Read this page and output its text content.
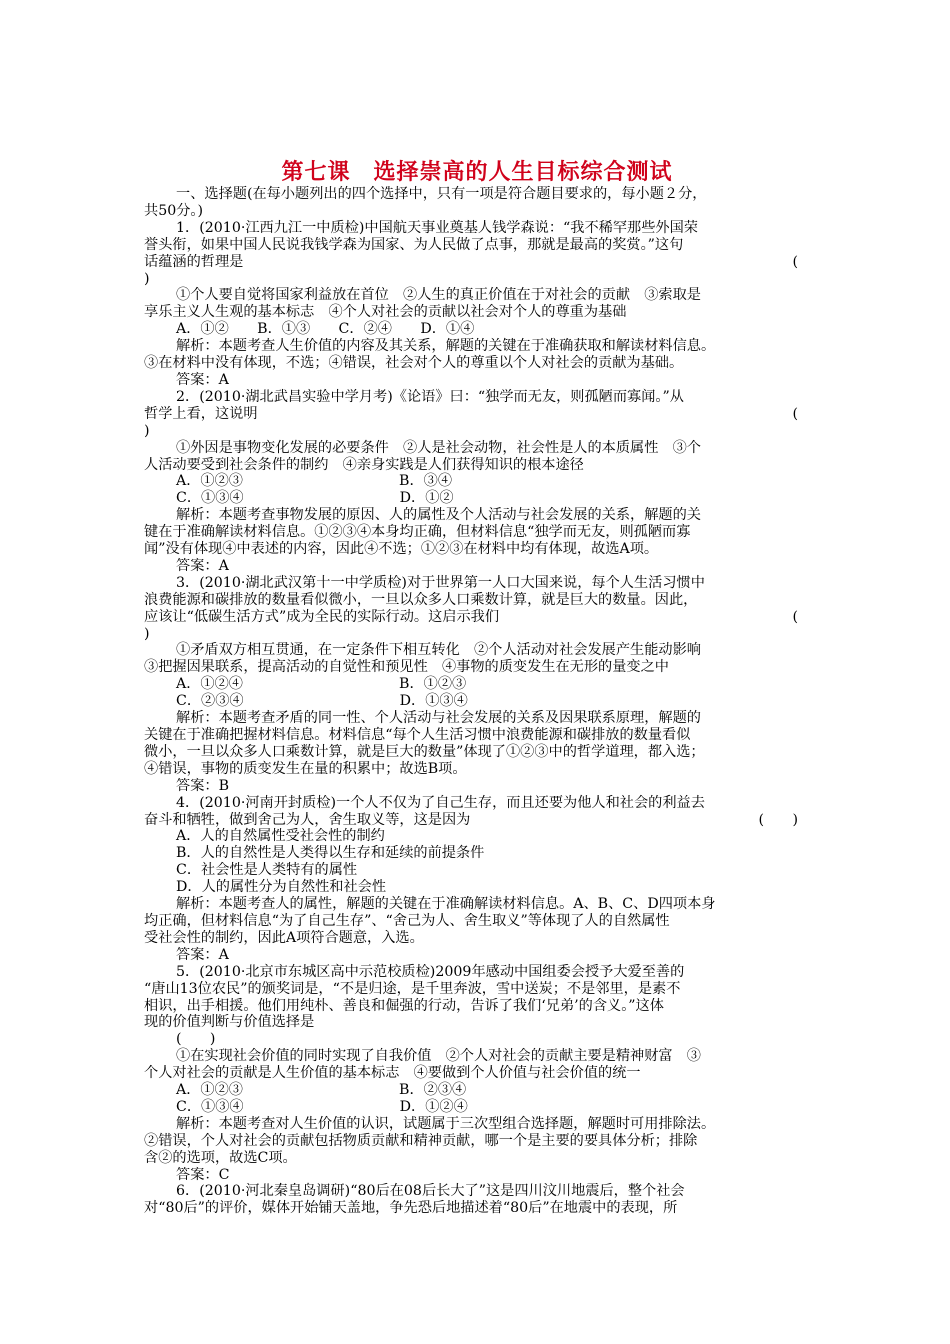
第七课　选择崇高的人生目标综合测试
一、选择题(在每小题列出的四个选择中，只有一项是符合题目要求的，每小题２分，
共50分。)
1．(2010·江西九江一中质检)中国航天事业奠基人钱学森说：“我不稀罕那些外国荣
誉头衔，如果中国人民说我钱学森为国家、为人民做了点事，那就是最高的奖赏。”这句
话蕴涵的哲理是	(
)
①个人要自觉将国家利益放在首位　②人生的真正价值在于对社会的贡献　③索取是
享乐主义人生观的基本标志　④个人对社会的贡献以社会对个人的尊重为基础
A．①②　　B．①③　　C．②④　　D．①④
解析：本题考查人生价值的内容及其关系，解题的关键在于准确获取和解读材料信息。
③在材料中没有体现，不选；④错误，社会对个人的尊重以个人对社会的贡献为基础。
答案：A
2．(2010·湖北武昌实验中学月考)《论语》曰：“独学而无友，则孤陋而寡闻。”从
哲学上看，这说明	(
)
①外因是事物变化发展的必要条件　②人是社会动物，社会性是人的本质属性　③个
人活动要受到社会条件的制约　④亲身实践是人们获得知识的根本途径
A．①②③　　　　　　　　　　　B．③④
C．①③④　　　　　　　　　　　D．①②
解析：本题考查事物发展的原因、人的属性及个人活动与社会发展的关系，解题的关
键在于准确解读材料信息。①②③④本身均正确，但材料信息“独学而无友，则孤陋而寡
闻”没有体现④中表述的内容，因此④不选；①②③在材料中均有体现，故选A项。
答案：A
3．(2010·湖北武汉第十一中学质检)对于世界第一人口大国来说，每个人生活习惯中
浪费能源和碳排放的数量看似微小，一旦以众多人口乘数计算，就是巨大的数量。因此，
应该让“低碳生活方式”成为全民的实际行动。这启示我们	(
)
①矛盾双方相互贯通，在一定条件下相互转化　②个人活动对社会发展产生能动影响
③把握因果联系，提高活动的自觉性和预见性　④事物的质变发生在无形的量变之中
A．①②④　　　　　　　　　　　B．①②③
C．②③④　　　　　　　　　　　D．①③④
解析：本题考查矛盾的同一性、个人活动与社会发展的关系及因果联系原理，解题的
关键在于准确把握材料信息。材料信息“每个人生活习惯中浪费能源和碳排放的数量看似
微小，一旦以众多人口乘数计算，就是巨大的数量”体现了①②③中的哲学道理，都入选；
④错误，事物的质变发生在量的积累中；故选B项。
答案：B
4．(2010·河南开封质检)一个人不仅为了自己生存，而且还要为他人和社会的利益去
奋斗和牺牲，做到舍己为人，舍生取义等，这是因为	(　　)
A．人的自然属性受社会性的制约
B．人的自然性是人类得以生存和延续的前提条件
C．社会性是人类特有的属性
D．人的属性分为自然性和社会性
解析：本题考查人的属性，解题的关键在于准确解读材料信息。A、B、C、D四项本身
均正确，但材料信息“为了自己生存”、“舍己为人、舍生取义”等体现了人的自然属性
受社会性的制约，因此A项符合题意，入选。
答案：A
5．(2010·北京市东城区高中示范校质检)2009年感动中国组委会授予大爱至善的
“唐山13位农民”的颁奖词是，“不是归途，是千里奔波，雪中送炭；不是邻里，是素不
相识，出手相援。他们用纯朴、善良和倔强的行动，告诉了我们‘兄弟’的含义。”这体
现的价值判断与价值选择是
(　　)
①在实现社会价值的同时实现了自我价值　②个人对社会的贡献主要是精神财富　③
个人对社会的贡献是人生价值的基本标志　④要做到个人价值与社会价值的统一
A．①②③　　　　　　　　　　　B．②③④
C．①③④　　　　　　　　　　　D．①②④
解析：本题考查对人生价值的认识，试题属于三次型组合选择题，解题时可用排除法。
②错误，个人对社会的贡献包括物质贡献和精神贡献，哪一个是主要的要具体分析；排除
含②的选项，故选C项。
答案：C
6．(2010·河北秦皇岛调研)“80后在08后长大了”这是四川汶川地震后，整个社会
对“80后”的评价，媒体开始铺天盖地，争先恐后地描述着“80后”在地震中的表现，所
